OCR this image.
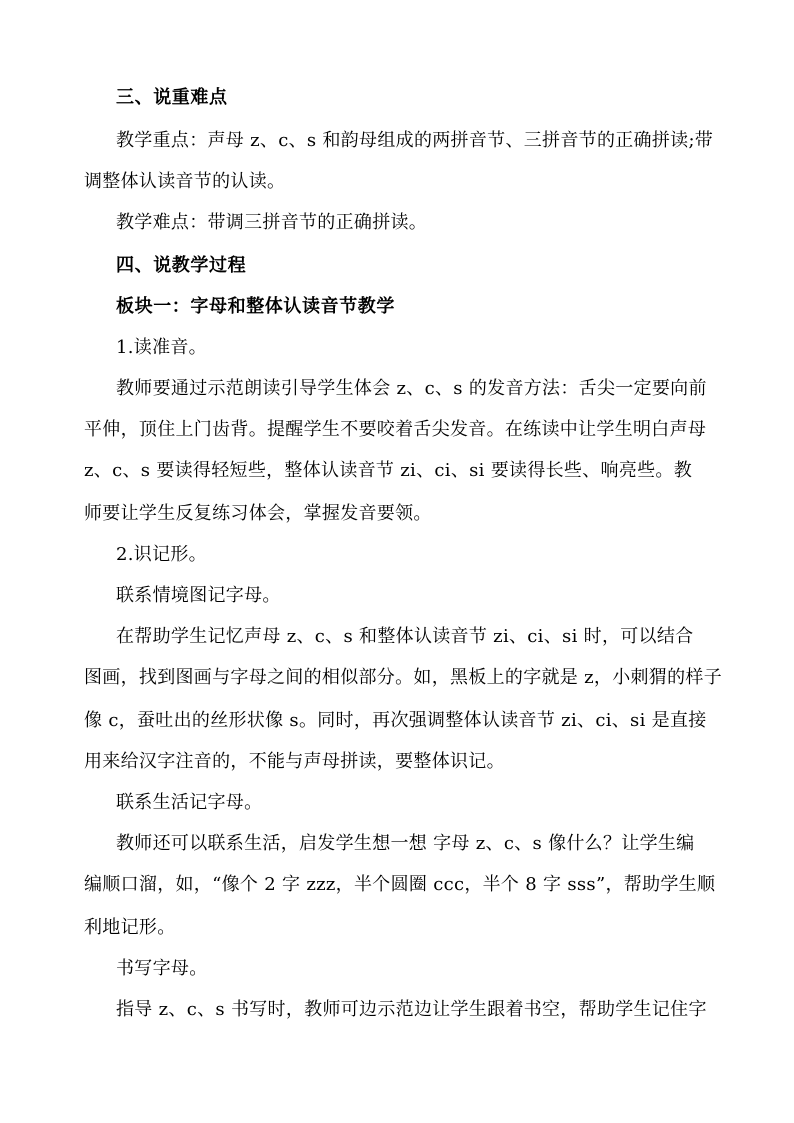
三、说重难点
教学重点：声母 z、c、s 和韵母组成的两拼音节、三拼音节的正确拼读;带
调整体认读音节的认读。
教学难点：带调三拼音节的正确拼读。
四、说教学过程
板块一：字母和整体认读音节教学
1.读准音。
教师要通过示范朗读引导学生体会 z、c、s 的发音方法：舌尖一定要向前
平伸，顶住上门齿背。提醒学生不要咬着舌尖发音。在练读中让学生明白声母
z、c、s 要读得轻短些，整体认读音节 zi、ci、si 要读得长些、响亮些。教
师要让学生反复练习体会，掌握发音要领。
2.识记形。
联系情境图记字母。
在帮助学生记忆声母 z、c、s 和整体认读音节 zi、ci、si 时，可以结合
图画，找到图画与字母之间的相似部分。如，黑板上的字就是 z，小刺猬的样子
像 c，蚕吐出的丝形状像 s。同时，再次强调整体认读音节 zi、ci、si 是直接
用来给汉字注音的，不能与声母拼读，要整体识记。
联系生活记字母。
教师还可以联系生活，启发学生想一想 字母 z、c、s 像什么？让学生编
编顺口溜，如，“像个 2 字 zzz，半个圆圈 ccc，半个 8 字 sss”，帮助学生顺
利地记形。
书写字母。
指导 z、c、s 书写时，教师可边示范边让学生跟着书空，帮助学生记住字
